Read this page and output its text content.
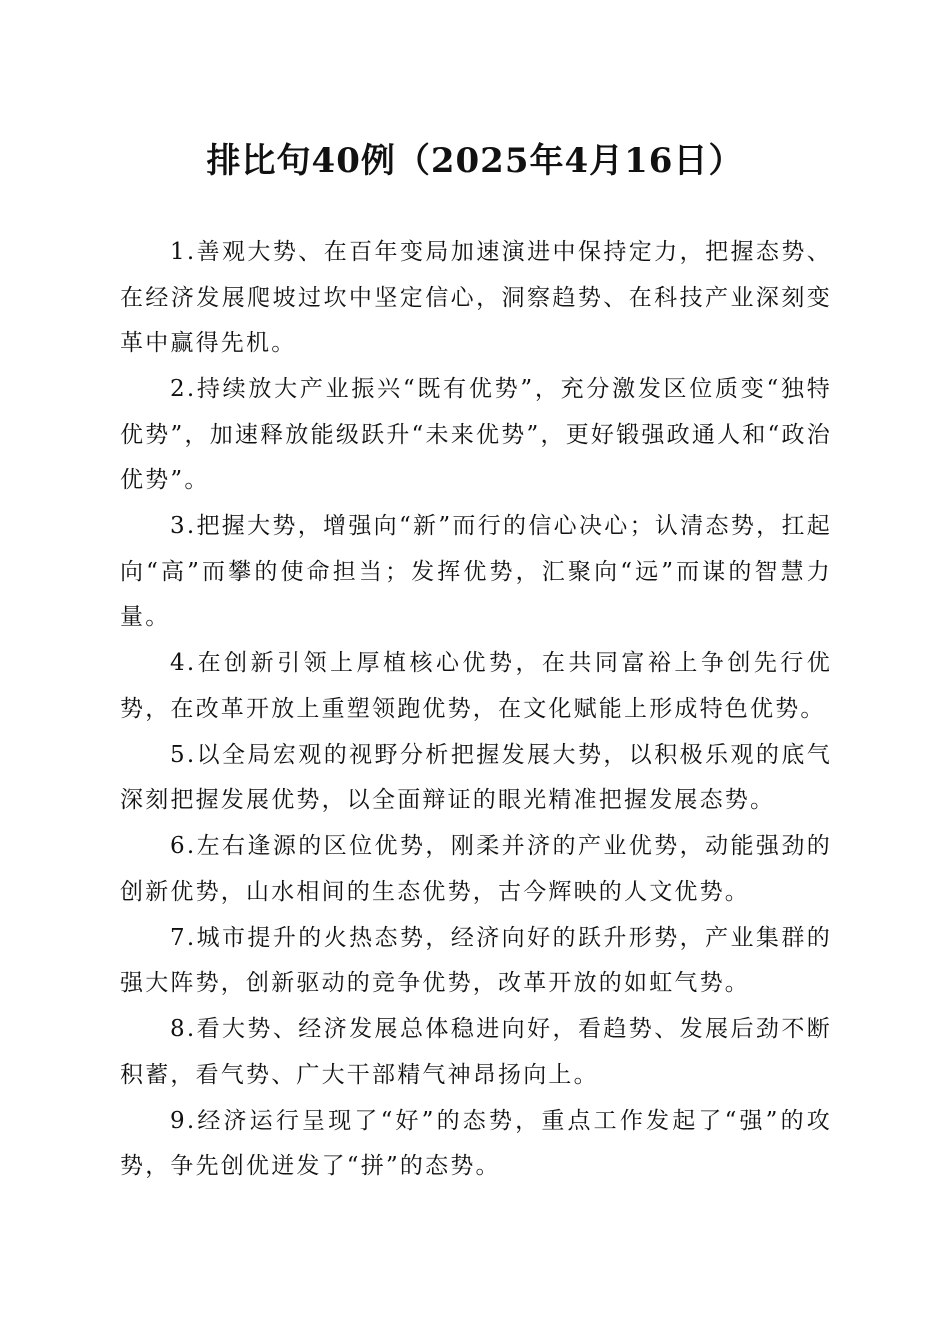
排比句40例（2025年4月16日）

1.善观大势、在百年变局加速演进中保持定力，把握态势、在经济发展爬坡过坎中坚定信心，洞察趋势、在科技产业深刻变革中赢得先机。

2.持续放大产业振兴“既有优势”，充分激发区位质变“独特优势”，加速释放能级跃升“未来优势”，更好锻强政通人和“政治优势”。

3.把握大势，增强向“新”而行的信心决心；认清态势，扛起向“高”而攀的使命担当；发挥优势，汇聚向“远”而谋的智慧力量。

4.在创新引领上厚植核心优势，在共同富裕上争创先行优势，在改革开放上重塑领跑优势，在文化赋能上形成特色优势。

5.以全局宏观的视野分析把握发展大势，以积极乐观的底气深刻把握发展优势，以全面辩证的眼光精准把握发展态势。

6.左右逢源的区位优势，刚柔并济的产业优势，动能强劲的创新优势，山水相间的生态优势，古今辉映的人文优势。

7.城市提升的火热态势，经济向好的跃升形势，产业集群的强大阵势，创新驱动的竞争优势，改革开放的如虹气势。

8.看大势、经济发展总体稳进向好，看趋势、发展后劲不断积蓄，看气势、广大干部精气神昂扬向上。

9.经济运行呈现了“好”的态势，重点工作发起了“强”的攻势，争先创优迸发了“拼”的态势。
